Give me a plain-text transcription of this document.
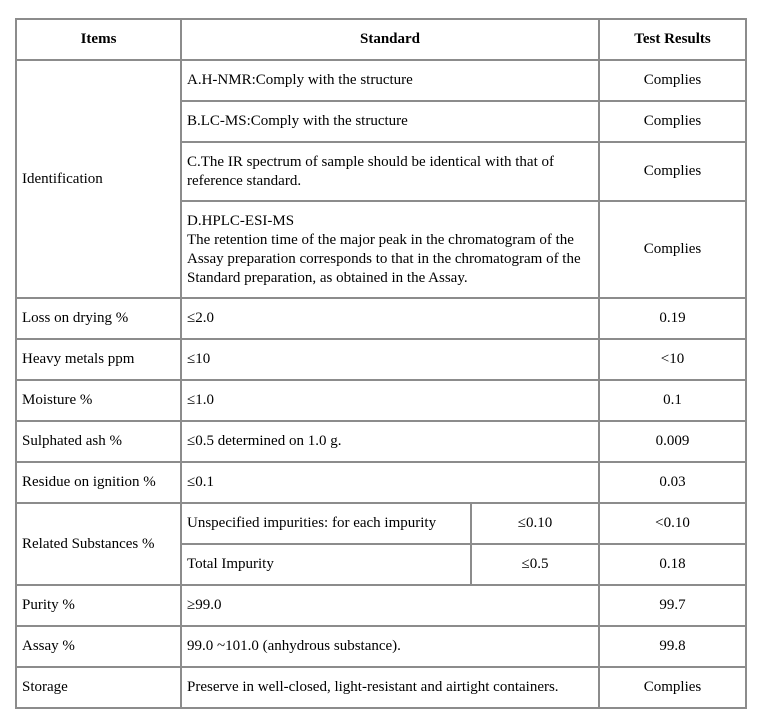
Items	Standard		Test Results
Identification	A.H-NMR:Comply with the structure		Complies
	B.LC-MS:Comply with the structure		Complies
	C.The IR spectrum of sample should be identical with that of reference standard.		Complies

	D.HPLC-ESI-MS
The retention time of the major peak in the chromatogram of the Assay preparation corresponds to that in the chromatogram of the Standard preparation, as obtained in the Assay.		Complies
Loss on drying %	≤2.0		0.19
Heavy metals ppm	≤10		<10
Moisture %	≤1.0		0.1
Sulphated ash %	≤0.5 determined on 1.0 g.		0.009
Residue on ignition %	≤0.1		0.03
Related Substances %	Unspecified impurities: for each impurity	≤0.10	<0.10
	Total Impurity	≤0.5	0.18
Purity %	≥99.0		99.7
Assay %	99.0 ~101.0 (anhydrous substance).		99.8
Storage	Preserve in well-closed, light-resistant and airtight containers.		Complies
